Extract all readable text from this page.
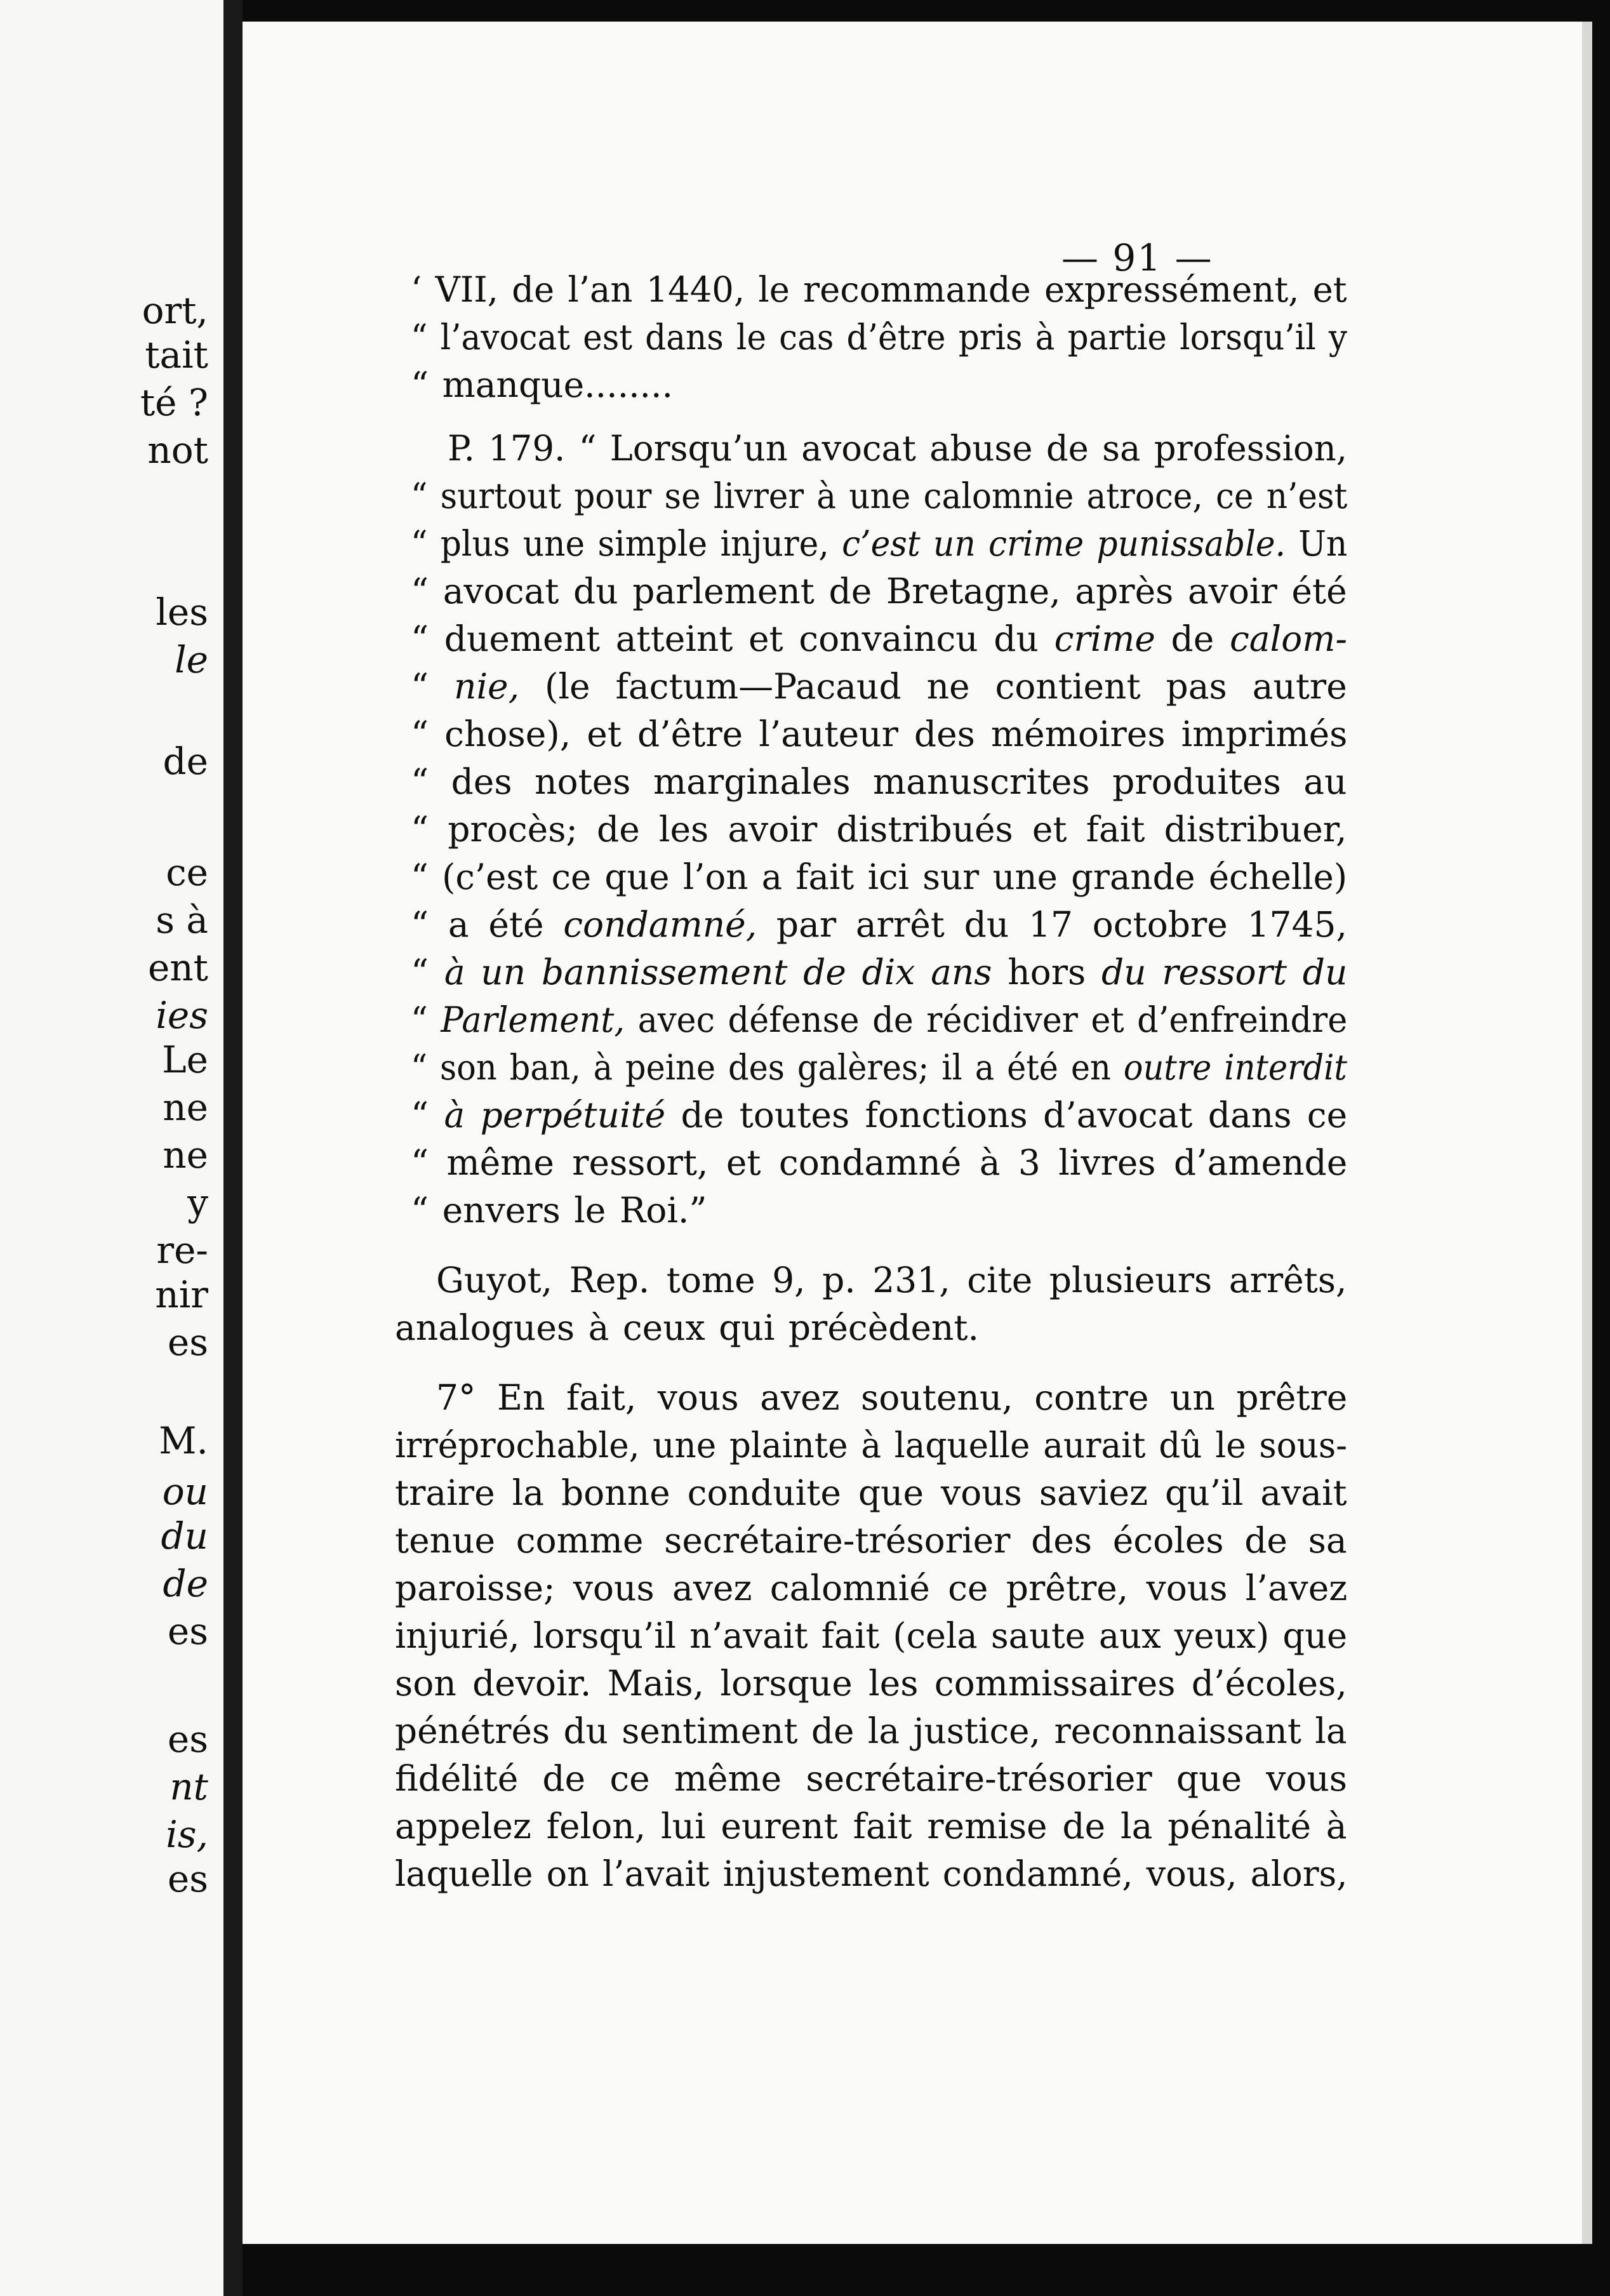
ort,
tait
té ?
not
les
le
de
ce
s à
ent
ies
Le
ne
ne
y
re-
nir
es
M.
ou
du
de
es
es
nt
is,
es
— 91 —
‘ VII, de l’an 1440, le recommande expressément, et
“ l’avocat est dans le cas d’être pris à partie lorsqu’il y
“ manque........
P. 179. “ Lorsqu’un avocat abuse de sa profession,
“ surtout pour se livrer à une calomnie atroce, ce n’est
“ plus une simple injure, c’est un crime punissable. Un
“ avocat du parlement de Bretagne, après avoir été
“ duement atteint et convaincu du crime de calom-
“ nie, (le factum—Pacaud ne contient pas autre
“ chose), et d’être l’auteur des mémoires imprimés
“ des notes marginales manuscrites produites au
“ procès; de les avoir distribués et fait distribuer,
“ (c’est ce que l’on a fait ici sur une grande échelle)
“ a été condamné, par arrêt du 17 octobre 1745,
“ à un bannissement de dix ans hors du ressort du
“ Parlement, avec défense de récidiver et d’enfreindre
“ son ban, à peine des galères; il a été en outre interdit
“ à perpétuité de toutes fonctions d’avocat dans ce
“ même ressort, et condamné à 3 livres d’amende
“ envers le Roi.”
Guyot, Rep. tome 9, p. 231, cite plusieurs arrêts,
analogues à ceux qui précèdent.
7° En fait, vous avez soutenu, contre un prêtre
irréprochable, une plainte à laquelle aurait dû le sous-
traire la bonne conduite que vous saviez qu’il avait
tenue comme secrétaire-trésorier des écoles de sa
paroisse; vous avez calomnié ce prêtre, vous l’avez
injurié, lorsqu’il n’avait fait (cela saute aux yeux) que
son devoir. Mais, lorsque les commissaires d’écoles,
pénétrés du sentiment de la justice, reconnaissant la
fidélité de ce même secrétaire-trésorier que vous
appelez felon, lui eurent fait remise de la pénalité à
laquelle on l’avait injustement condamné, vous, alors,
